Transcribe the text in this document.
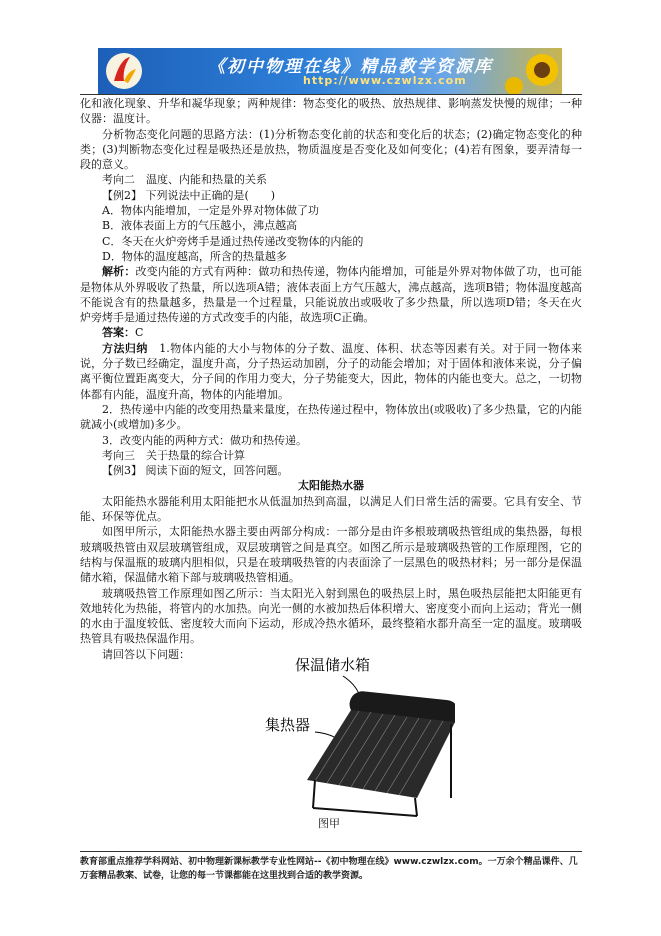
《初中物理在线》精品教学资源库
http://www.czwlzx.com

化和液化现象、升华和凝华现象；两种规律：物态变化的吸热、放热规律、影响蒸发快慢的规律；一种仪器：温度计。

分析物态变化问题的思路方法：(1)分析物态变化前的状态和变化后的状态；(2)确定物态变化的种类；(3)判断物态变化过程是吸热还是放热，物质温度是否变化及如何变化；(4)若有图象，要弄清每一段的意义。

考向二　温度、内能和热量的关系

【例2】 下列说法中正确的是(　　)

A．物体内能增加，一定是外界对物体做了功

B．液体表面上方的气压越小，沸点越高

C．冬天在火炉旁烤手是通过热传递改变物体的内能的

D．物体的温度越高，所含的热量越多

解析：改变内能的方式有两种：做功和热传递，物体内能增加，可能是外界对物体做了功，也可能是物体从外界吸收了热量，所以选项A错；液体表面上方气压越大，沸点越高，选项B错；物体温度越高不能说含有的热量越多，热量是一个过程量，只能说放出或吸收了多少热量，所以选项D错；冬天在火炉旁烤手是通过热传递的方式改变手的内能，故选项C正确。

答案：C

方法归纳　 1.物体内能的大小与物体的分子数、温度、体积、状态等因素有关。对于同一物体来说，分子数已经确定，温度升高，分子热运动加剧，分子的动能会增加；对于固体和液体来说，分子偏离平衡位置距离变大，分子间的作用力变大，分子势能变大，因此，物体的内能也变大。总之，一切物体都有内能，温度升高，物体的内能增加。

2．热传递中内能的改变用热量来量度，在热传递过程中，物体放出(或吸收)了多少热量，它的内能就减小(或增加)多少。

3．改变内能的两种方式：做功和热传递。

考向三　关于热量的综合计算

【例3】 阅读下面的短文，回答问题。

太阳能热水器

太阳能热水器能利用太阳能把水从低温加热到高温，以满足人们日常生活的需要。它具有安全、节能、环保等优点。

如图甲所示，太阳能热水器主要由两部分构成：一部分是由许多根玻璃吸热管组成的集热器，每根玻璃吸热管由双层玻璃管组成，双层玻璃管之间是真空。如图乙所示是玻璃吸热管的工作原理图，它的结构与保温瓶的玻璃内胆相似，只是在玻璃吸热管的内表面涂了一层黑色的吸热材料；另一部分是保温储水箱，保温储水箱下部与玻璃吸热管相通。

玻璃吸热管工作原理如图乙所示：当太阳光入射到黑色的吸热层上时，黑色吸热层能把太阳能更有效地转化为热能，将管内的水加热。向光一侧的水被加热后体积增大、密度变小而向上运动；背光一侧的水由于温度较低、密度较大而向下运动，形成冷热水循环，最终整箱水都升高至一定的温度。玻璃吸热管具有吸热保温作用。

请回答以下问题：

保温储水箱
集热器
图甲
教育部重点推荐学科网站、初中物理新课标教学专业性网站--《初中物理在线》www.czwlzx.com。一万余个精品课件、几万套精品教案、试卷，让您的每一节课都能在这里找到合适的教学资源。
